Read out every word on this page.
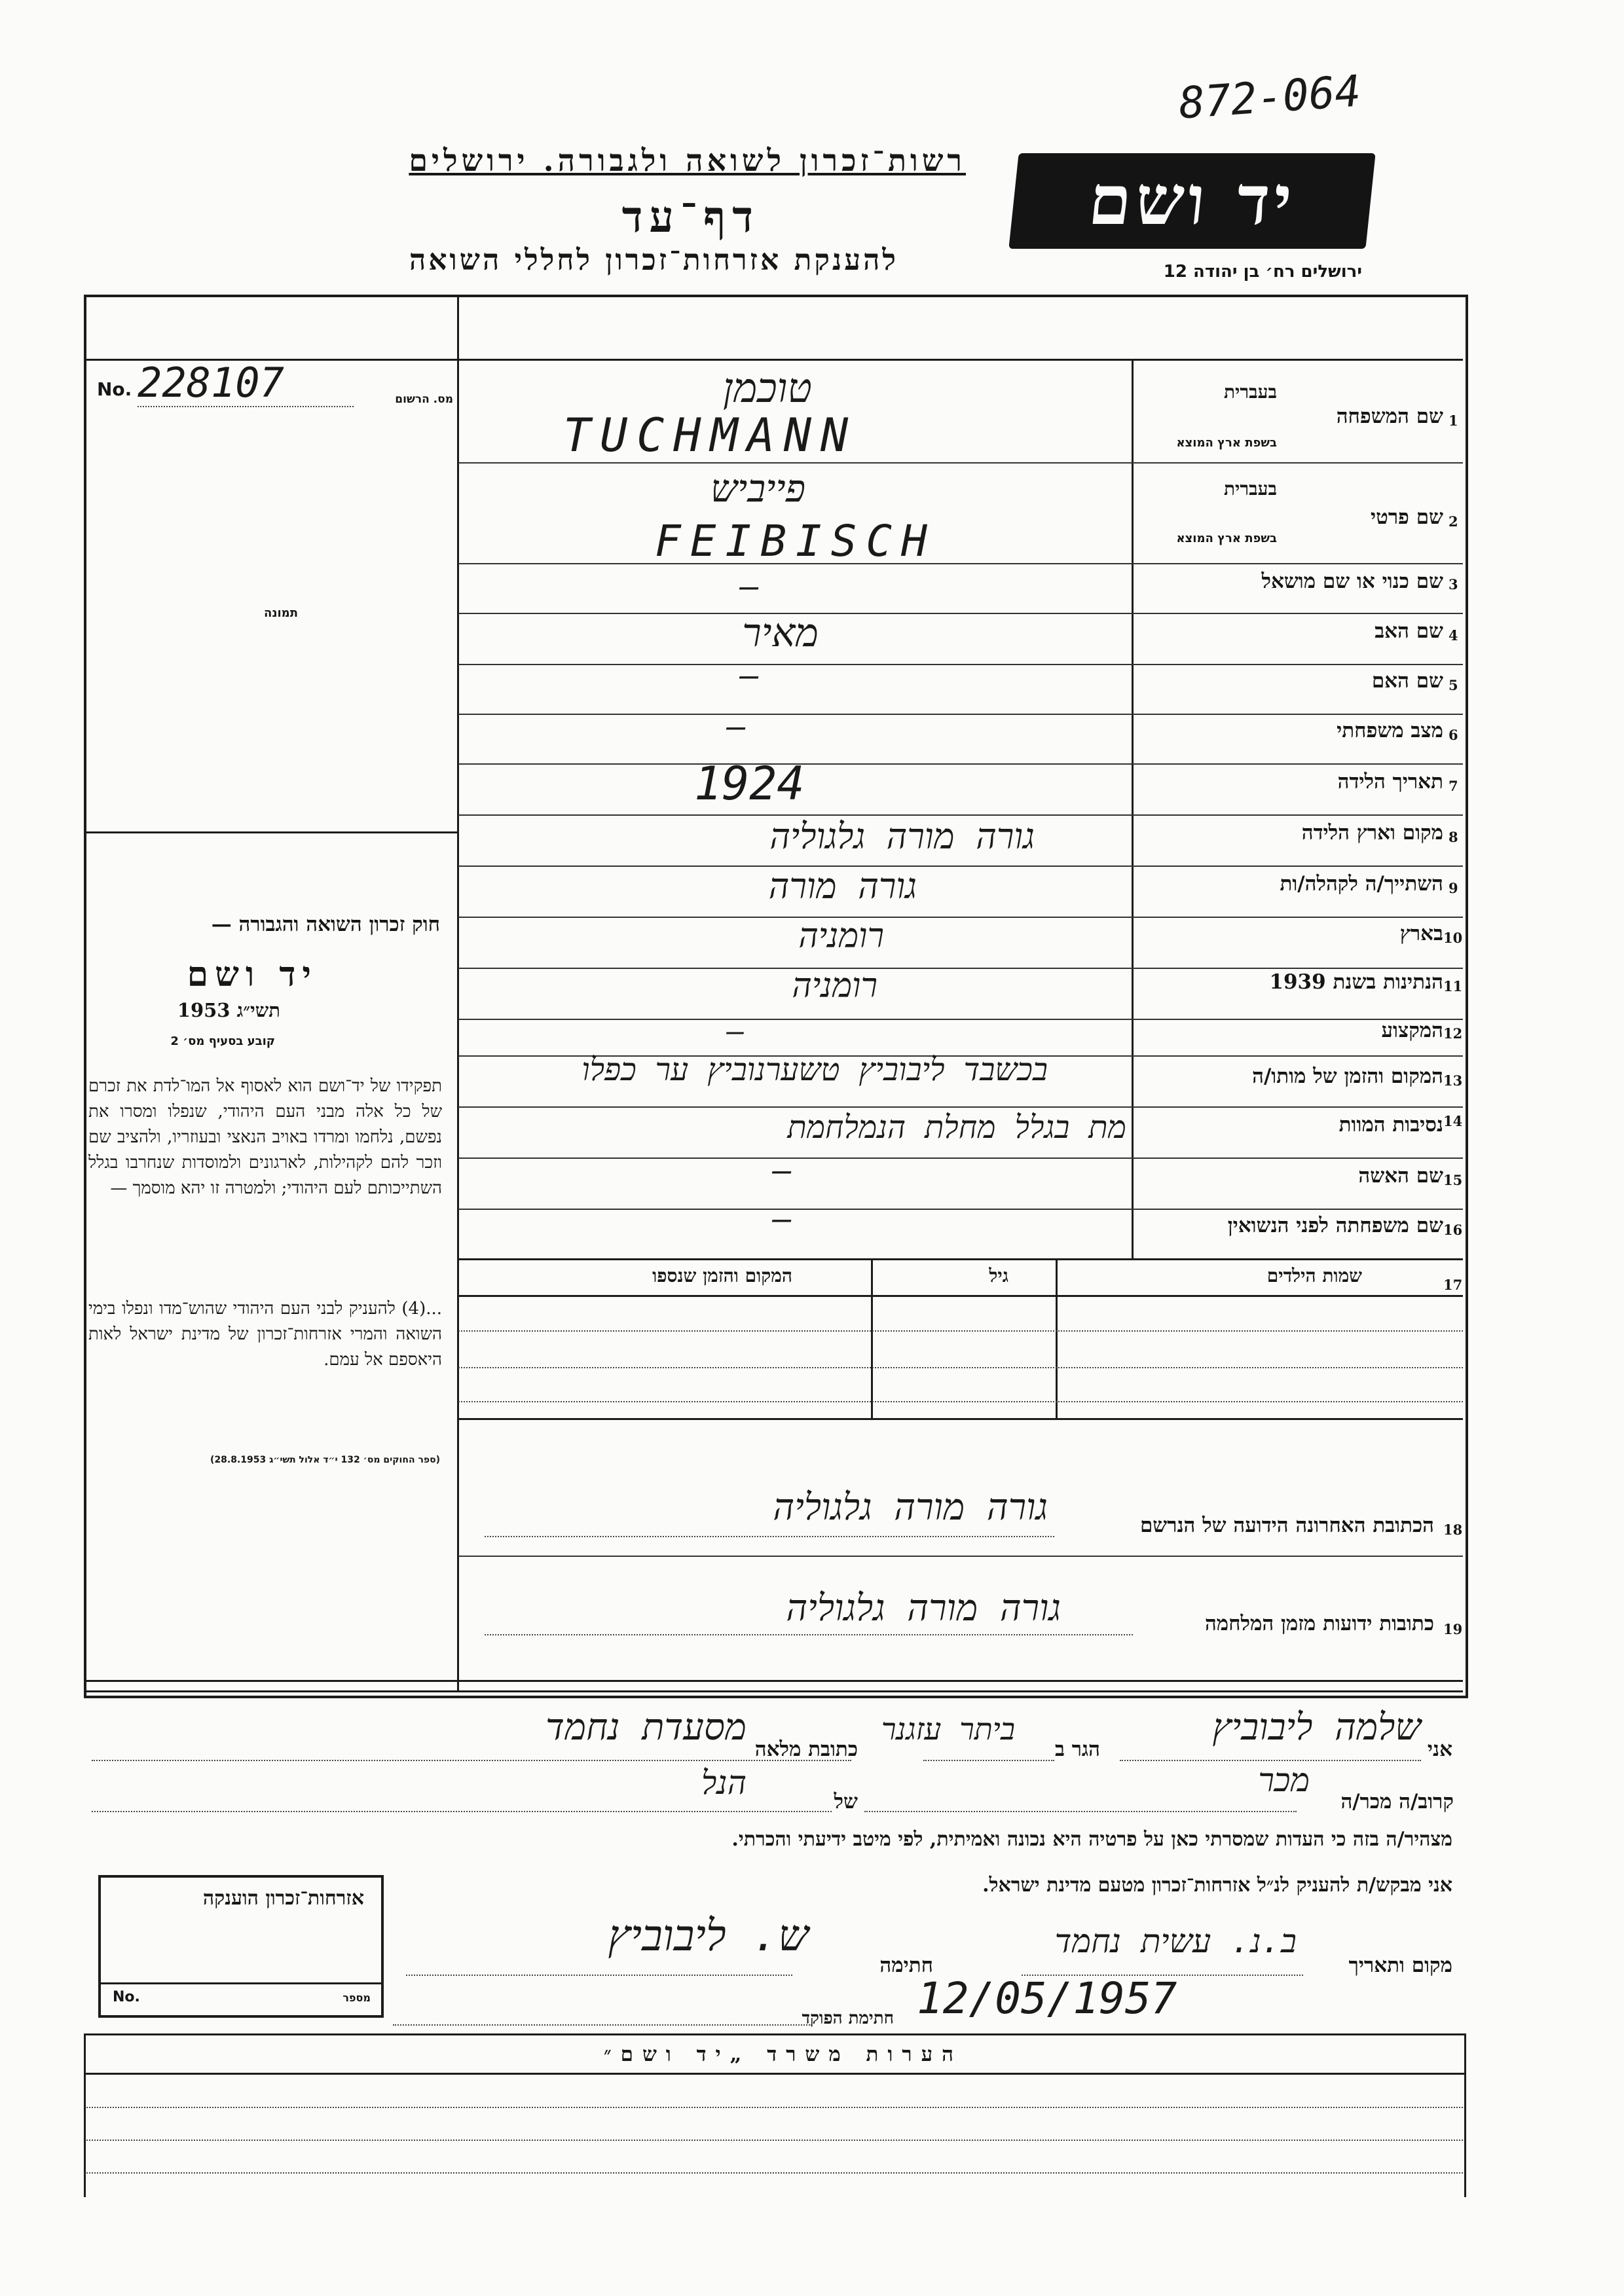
872-064
רשות־זכרון לשואה ולגבורה. ירושלים
דף־עד
להענקת אזרחות־זכרון לחללי השואה
יד ושם
ירושלים רח׳ בן יהודה 12
No. 228107	מס. הרשום
תמונה
1
שם המשפחה
בעברית
בשפת ארץ המוצא
טוכמן
TUCHMANN
2
שם פרטי
בעברית
בשפת ארץ המוצא
פייביש
FEIBISCH
3
שם כנוי או שם מושאל
—
4
שם האב
מאיר
5
שם האם
—
6
מצב משפחתי
—
7
תאריך הלידה
1924
8
מקום וארץ הלידה
גורה מורה גלגוליה
9
השתייך/ה לקהלה/ות
גורה מורה
10
בארץ
רומניה
11
הנתינות בשנת 1939
רומניה
12
המקצוע
—
13
המקום והזמן של מותו/ה
בכשבד ליבוביץ טשערנוביץ ער כפלו
14
נסיבות המוות
מת בגלל מחלת הנמלחמת
15
שם האשה
—
16
שם משפחתה לפני הנשואין
—
17
שמות הילדים
גיל
המקום והזמן שנספו
18
הכתובת האחרונה הידועה של הנרשם
גורה מורה גלגוליה
19
כתובות ידועות מזמן המלחמה
גורה מורה גלגוליה
חוק זכרון השואה והגבורה —
יד ושם
תשי״ג 1953
קובע בסעיף מס׳ 2
תפקידו של יד־ושם הוא לאסוף אל המו־לדת את זכרם של כל אלה מבני העם היהודי, שנפלו ומסרו את נפשם, נלחמו ומרדו באויב הנאצי ובעוזריו, ולהציב שם וזכר להם לקהילות, לארגונים ולמוסדות שנחרבו בגלל השתייכותם לעם היהודי; ולמטרה זו יהא מוסמך —
...(4) להעניק לבני העם היהודי שהוש־מדו ונפלו בימי השואה והמרי אזרחות־זכרון של מדינת ישראל לאות היאספם אל עמם.
(ספר החוקים מס׳ 132 י״ד אלול תשי״ג 28.8.1953)
אני
שלמה ליבוביץ
הגר ב
ביתר עזגנר
כתובת מלאה
מסעדת נחמד
קרוב/ה מכר/ה
מכר
של
הנל
מצהיר/ה בזה כי העדות שמסרתי כאן על פרטיה היא נכונה ואמיתית, לפי מיטב ידיעתי והכרתי.
אני מבקש/ת להעניק לנ״ל אזרחות־זכרון מטעם מדינת ישראל.
מקום ותאריך
ב.נ. עשית נחמד
חתימה
ש. ליבוביץ
חתימת הפוקד 12/05/1957
אזרחות־זכרון הוענקה
No.	מספר
הערות משרד „יד ושם״
